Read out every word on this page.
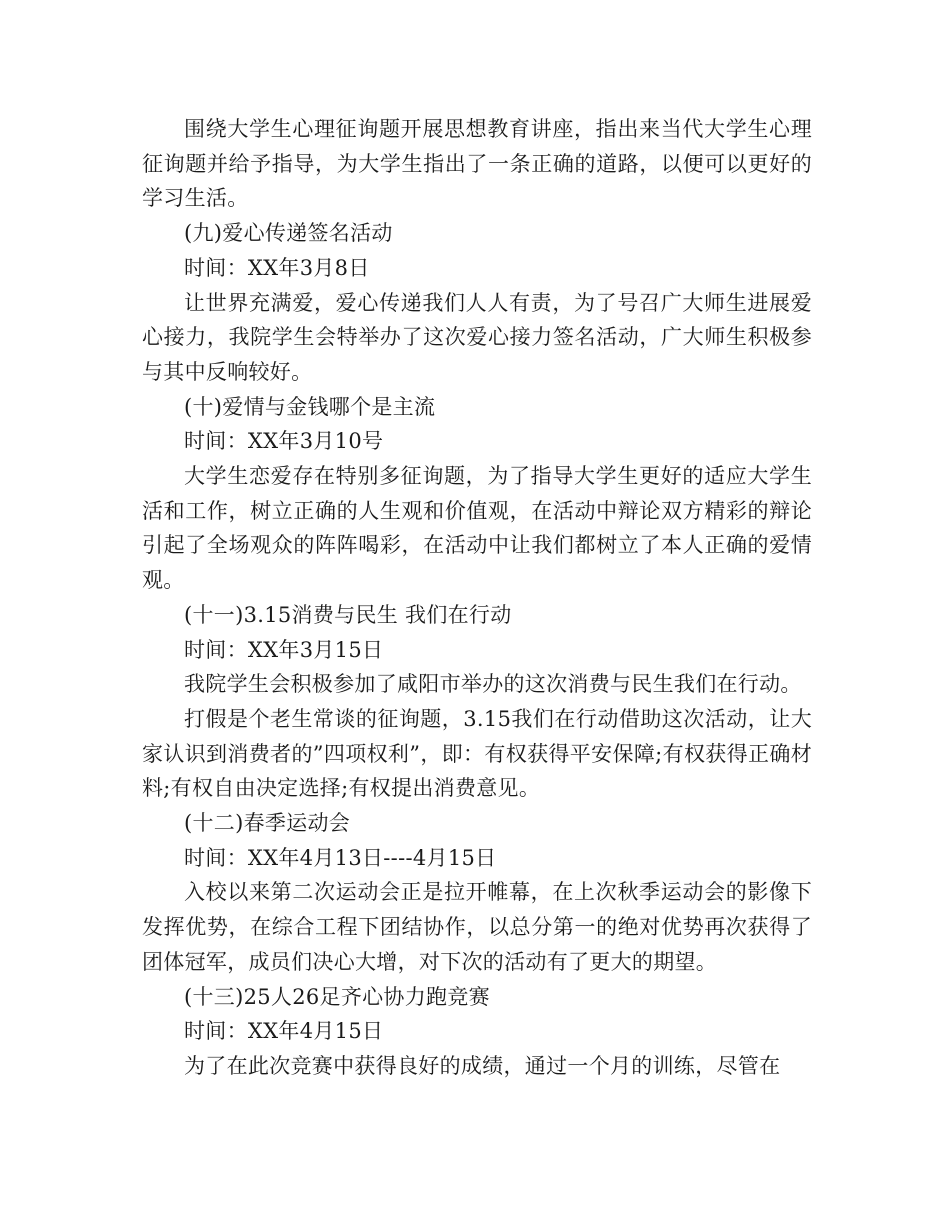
围绕大学生心理征询题开展思想教育讲座，指出来当代大学生心理征询题并给予指导，为大学生指出了一条正确的道路，以便可以更好的学习生活。

(九)爱心传递签名活动

时间：XX年3月8日

让世界充满爱，爱心传递我们人人有责，为了号召广大师生进展爱心接力，我院学生会特举办了这次爱心接力签名活动，广大师生积极参与其中反响较好。

(十)爱情与金钱哪个是主流

时间：XX年3月10号

大学生恋爱存在特别多征询题，为了指导大学生更好的适应大学生活和工作，树立正确的人生观和价值观，在活动中辩论双方精彩的辩论引起了全场观众的阵阵喝彩，在活动中让我们都树立了本人正确的爱情观。

(十一)3.15消费与民生 我们在行动

时间：XX年3月15日

我院学生会积极参加了咸阳市举办的这次消费与民生我们在行动。

打假是个老生常谈的征询题，3.15我们在行动借助这次活动，让大家认识到消费者的”四项权利”，即：有权获得平安保障;有权获得正确材料;有权自由决定选择;有权提出消费意见。

(十二)春季运动会

时间：XX年4月13日----4月15日

入校以来第二次运动会正是拉开帷幕，在上次秋季运动会的影像下发挥优势，在综合工程下团结协作，以总分第一的绝对优势再次获得了团体冠军，成员们决心大增，对下次的活动有了更大的期望。

(十三)25人26足齐心协力跑竞赛

时间：XX年4月15日

为了在此次竞赛中获得良好的成绩，通过一个月的训练，尽管在
